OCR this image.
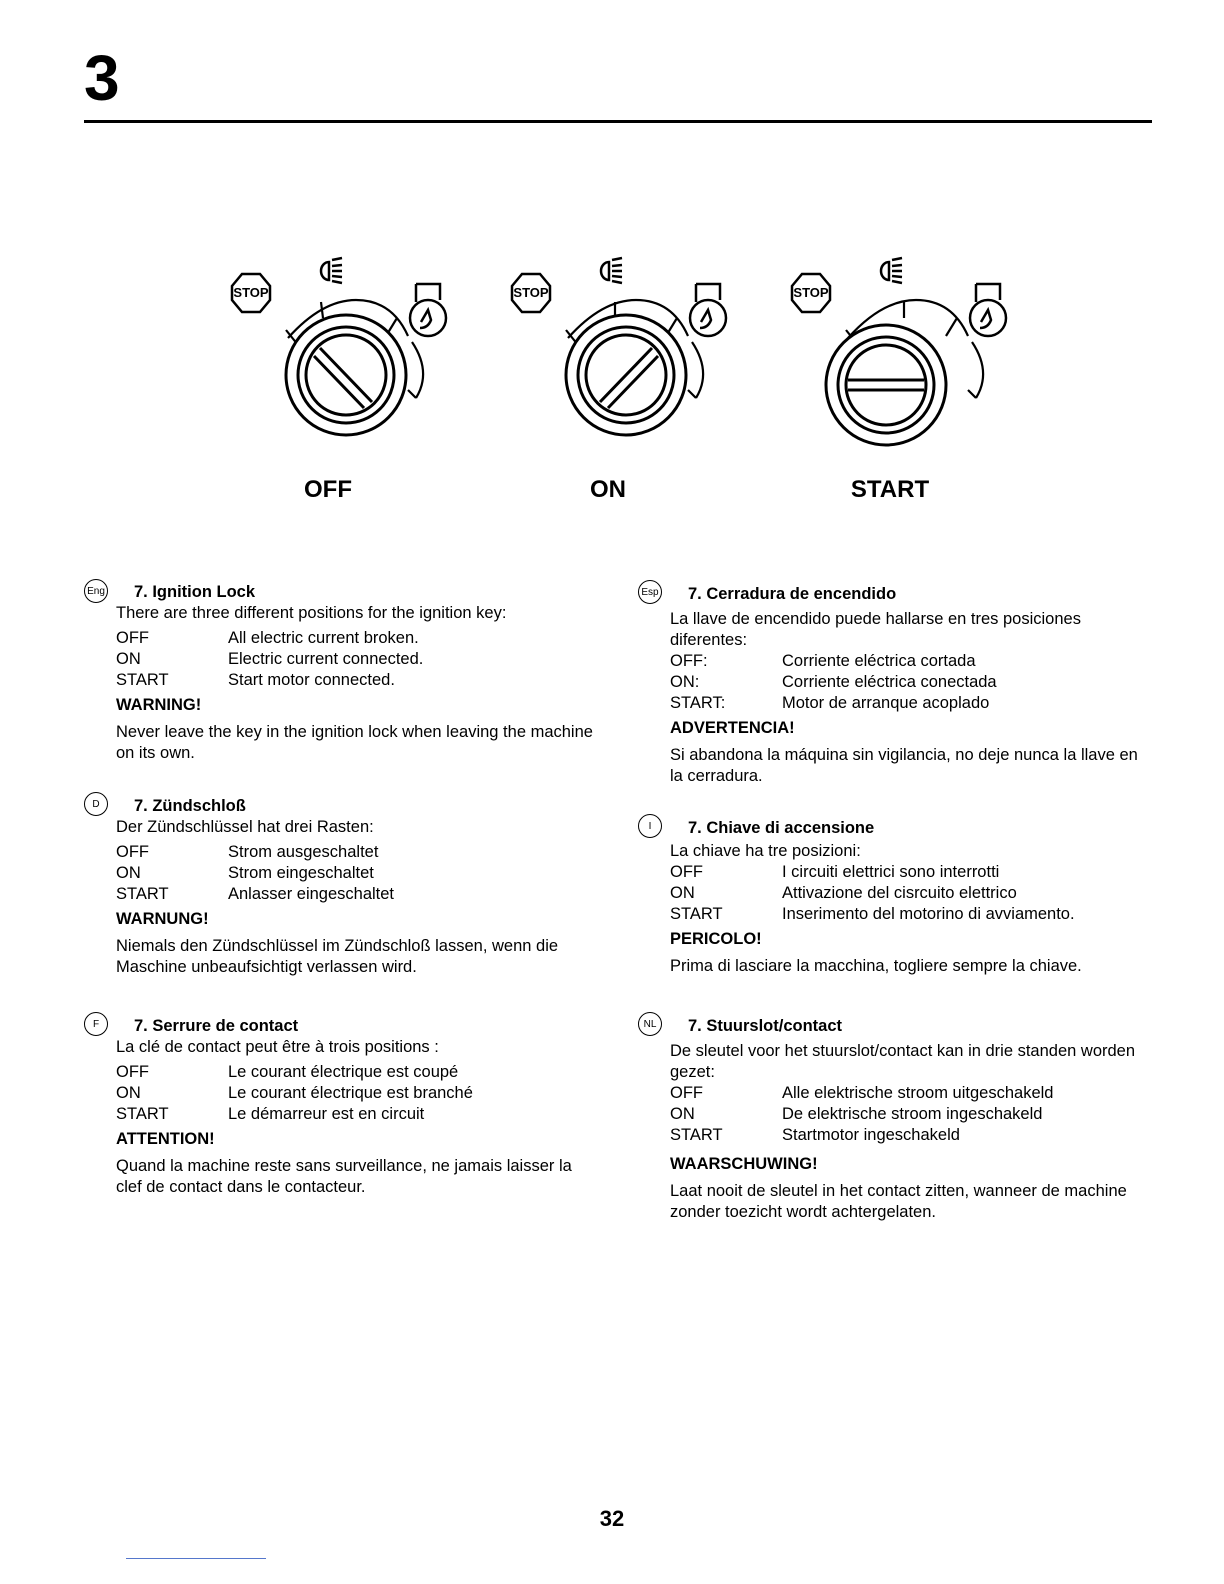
3
STOP	STOP	STOP
OFF	ON	START
Eng 7. Ignition Lock

There are three different positions for the ignition key:

OFF	All electric current broken.
ON	Electric current connected.
START	Start motor connected.
WARNING!

Never leave the key in the ignition lock when leaving the machine on its own.

D	7. Zündschloß

Der Zündschlüssel hat drei Rasten:

OFF	Strom ausgeschaltet
ON	Strom eingeschaltet
START	Anlasser eingeschaltet
WARNUNG!

Niemals den Zündschlüssel im Zündschloß lassen, wenn die Maschine unbeaufsichtigt verlassen wird.

F	7. Serrure de contact

La clé de contact peut être à trois positions :

OFF	Le courant électrique est coupé
ON	Le courant électrique est branché
START	Le démarreur est en circuit
ATTENTION!

Quand la machine reste sans surveillance, ne jamais laisser la clef de contact dans le contacteur.

Esp 7. Cerradura de encendido

La llave de encendido puede hallarse en tres posiciones diferentes:

OFF:	Corriente eléctrica cortada
ON:	Corriente eléctrica conectada
START:	Motor de arranque acoplado
ADVERTENCIA!

Si abandona la máquina sin vigilancia, no deje nunca la llave en la cerradura.

I	7. Chiave di accensione

La chiave ha tre posizioni:

OFF	I circuiti elettrici sono interrotti
ON	Attivazione del cisrcuito elettrico
START	Inserimento del motorino di avviamento.
PERICOLO!

Prima di lasciare la macchina, togliere sempre la chiave.

NL	7. Stuurslot/contact

De sleutel voor het stuurslot/contact kan in drie standen worden gezet:

OFF	Alle elektrische stroom uitgeschakeld
ON	De elektrische stroom ingeschakeld
START	Startmotor ingeschakeld
WAARSCHUWING!

Laat nooit de sleutel in het contact zitten, wanneer de machine zonder toezicht wordt achtergelaten.

32
